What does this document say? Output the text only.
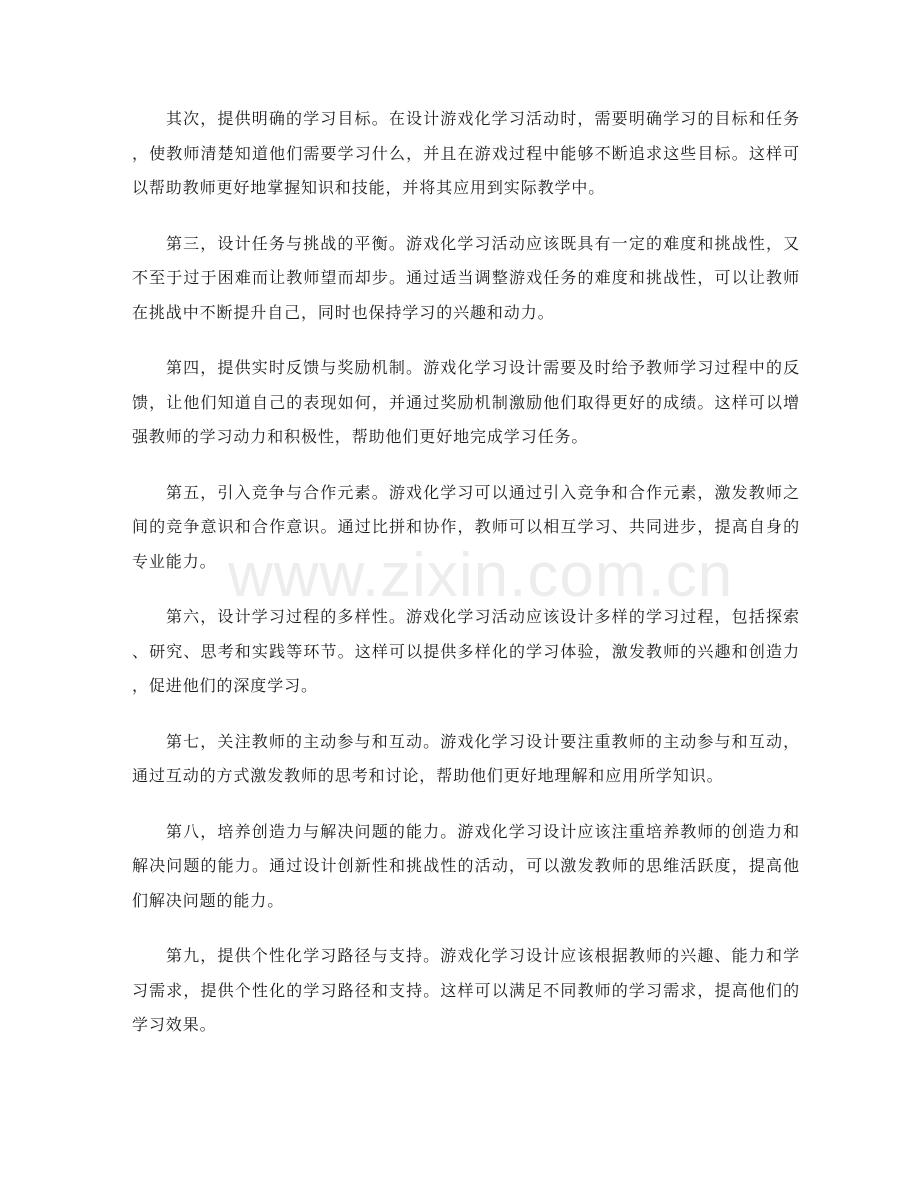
其次，提供明确的学习目标。在设计游戏化学习活动时，需要明确学习的目标和任务，使教师清楚知道他们需要学习什么，并且在游戏过程中能够不断追求这些目标。这样可以帮助教师更好地掌握知识和技能，并将其应用到实际教学中。

第三，设计任务与挑战的平衡。游戏化学习活动应该既具有一定的难度和挑战性，又不至于过于困难而让教师望而却步。通过适当调整游戏任务的难度和挑战性，可以让教师在挑战中不断提升自己，同时也保持学习的兴趣和动力。

第四，提供实时反馈与奖励机制。游戏化学习设计需要及时给予教师学习过程中的反馈，让他们知道自己的表现如何，并通过奖励机制激励他们取得更好的成绩。这样可以增强教师的学习动力和积极性，帮助他们更好地完成学习任务。

第五，引入竞争与合作元素。游戏化学习可以通过引入竞争和合作元素，激发教师之间的竞争意识和合作意识。通过比拼和协作，教师可以相互学习、共同进步，提高自身的专业能力。

第六，设计学习过程的多样性。游戏化学习活动应该设计多样的学习过程，包括探索、研究、思考和实践等环节。这样可以提供多样化的学习体验，激发教师的兴趣和创造力，促进他们的深度学习。

第七，关注教师的主动参与和互动。游戏化学习设计要注重教师的主动参与和互动，通过互动的方式激发教师的思考和讨论，帮助他们更好地理解和应用所学知识。

第八，培养创造力与解决问题的能力。游戏化学习设计应该注重培养教师的创造力和解决问题的能力。通过设计创新性和挑战性的活动，可以激发教师的思维活跃度，提高他们解决问题的能力。

第九，提供个性化学习路径与支持。游戏化学习设计应该根据教师的兴趣、能力和学习需求，提供个性化的学习路径和支持。这样可以满足不同教师的学习需求，提高他们的学习效果。

www.zixin.com.cn
